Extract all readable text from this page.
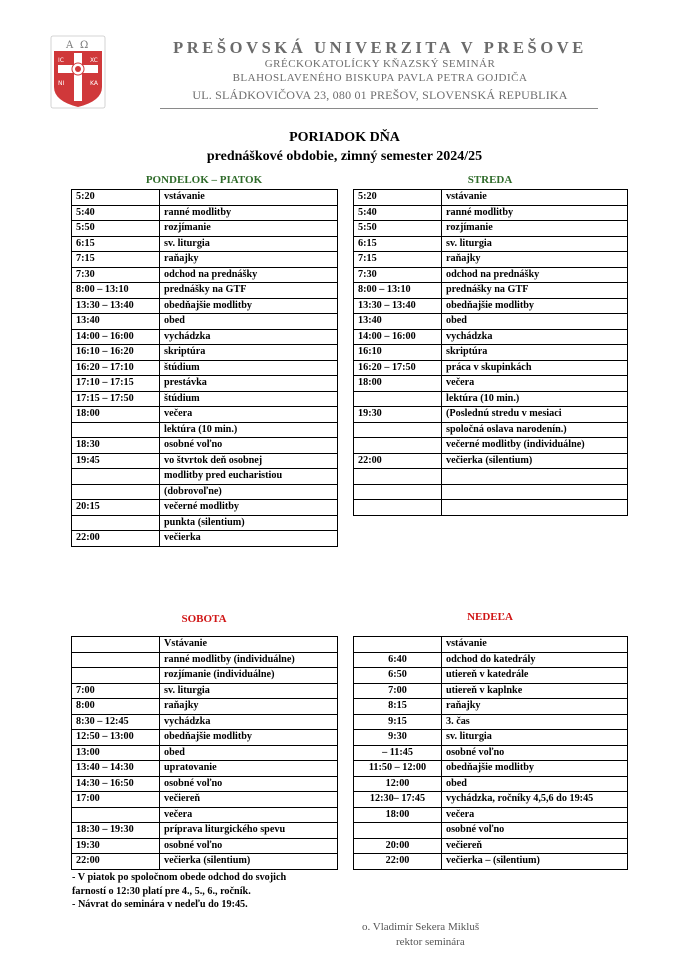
Α Ω
IC	XC
NI	KA
PREŠOVSKÁ UNIVERZITA V PREŠOVE
GRÉCKOKATOLÍCKY KŇAZSKÝ SEMINÁR
BLAHOSLAVENÉHO BISKUPA PAVLA PETRA GOJDIČA
UL. SLÁDKOVIČOVA 23, 080 01 PREŠOV, SLOVENSKÁ REPUBLIKA
PORIADOK DŇA
prednáškové obdobie, zimný semester 2024/25
PONDELOK – PIATOK	STREDA
SOBOTA	NEDEĽA
5:20	vstávanie
5:40	ranné modlitby
5:50	rozjímanie
6:15	sv. liturgia
7:15	raňajky
7:30	odchod na prednášky
8:00 – 13:10	prednášky na GTF
13:30 – 13:40	obedňajšie modlitby
13:40	obed
14:00 – 16:00	vychádzka
16:10 – 16:20	skriptúra
16:20 – 17:10	štúdium
17:10 – 17:15	prestávka
17:15 – 17:50	štúdium
18:00	večera
	lektúra (10 min.)
18:30	osobné voľno
19:45	vo štvrtok deň osobnej
	modlitby pred eucharistiou
	(dobrovoľne)
20:15	večerné modlitby
	punkta (silentium)
22:00	večierka
5:20	vstávanie
5:40	ranné modlitby
5:50	rozjímanie
6:15	sv. liturgia
7:15	raňajky
7:30	odchod na prednášky
8:00 – 13:10	prednášky na GTF
13:30 – 13:40	obedňajšie modlitby
13:40	obed
14:00 – 16:00	vychádzka
16:10	skriptúra
16:20 – 17:50	práca v skupinkách
18:00	večera
	lektúra (10 min.)
19:30	(Poslednú stredu v mesiaci
	spoločná oslava narodenín.)
	večerné modlitby (individuálne)
22:00	večierka (silentium)

	Vstávanie
	ranné modlitby (individuálne)
	rozjímanie (individuálne)
7:00	sv. liturgia
8:00	raňajky
8:30 – 12:45	vychádzka
12:50 – 13:00	obedňajšie modlitby
13:00	obed
13:40 – 14:30	upratovanie
14:30 – 16:50	osobné voľno
17:00	večiereň
	večera
18:30 – 19:30	príprava liturgického spevu
19:30	osobné voľno
22:00	večierka (silentium)
	vstávanie
6:40	odchod do katedrály
6:50	utiereň v katedrále
7:00	utiereň v kaplnke
8:15	raňajky
9:15	3. čas
9:30	sv. liturgia
– 11:45	osobné voľno
11:50 – 12:00	obedňajšie modlitby
12:00	obed
12:30– 17:45	vychádzka, ročníky 4,5,6 do 19:45
18:00	večera
	osobné voľno
20:00	večiereň
22:00	večierka – (silentium)
- V piatok po spoločnom obede odchod do svojich
farností o 12:30 platí pre 4., 5., 6., ročník.
- Návrat do seminára v nedeľu do 19:45.
o. Vladimír Sekera Mikluš
rektor seminára
